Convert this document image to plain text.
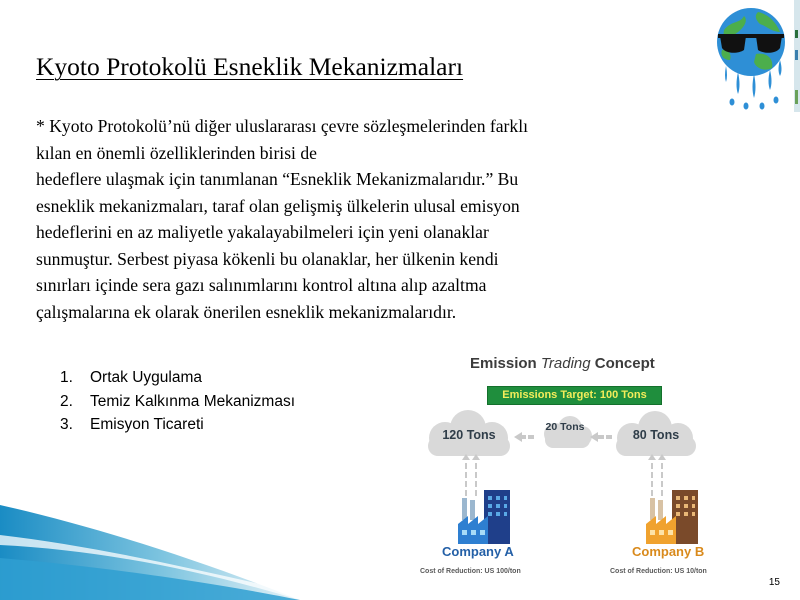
Kyoto Protokolü Esneklik Mekanizmaları
* Kyoto Protokolü’nü diğer uluslararası çevre sözleşmelerinden farklı
kılan en önemli özelliklerinden birisi de
hedeflere ulaşmak için tanımlanan “Esneklik Mekanizmalarıdır.” Bu
esneklik mekanizmaları, taraf olan gelişmiş ülkelerin ulusal emisyon
hedeflerini en az maliyetle yakalayabilmeleri için yeni olanaklar
sunmuştur. Serbest piyasa kökenli bu olanaklar, her ülkenin kendi
sınırları içinde sera gazı salınımlarını kontrol altına alıp azaltma
çalışmalarına ek olarak önerilen esneklik mekanizmalarıdır.
1. Ortak Uygulama
2. Temiz Kalkınma Mekanizması
3. Emisyon Ticareti
Emission Trading Concept
Emissions Target: 100 Tons
120 Tons
20 Tons
80 Tons
Company A	Company B
Cost of Reduction: US 100/ton	Cost of Reduction: US 10/ton
15
